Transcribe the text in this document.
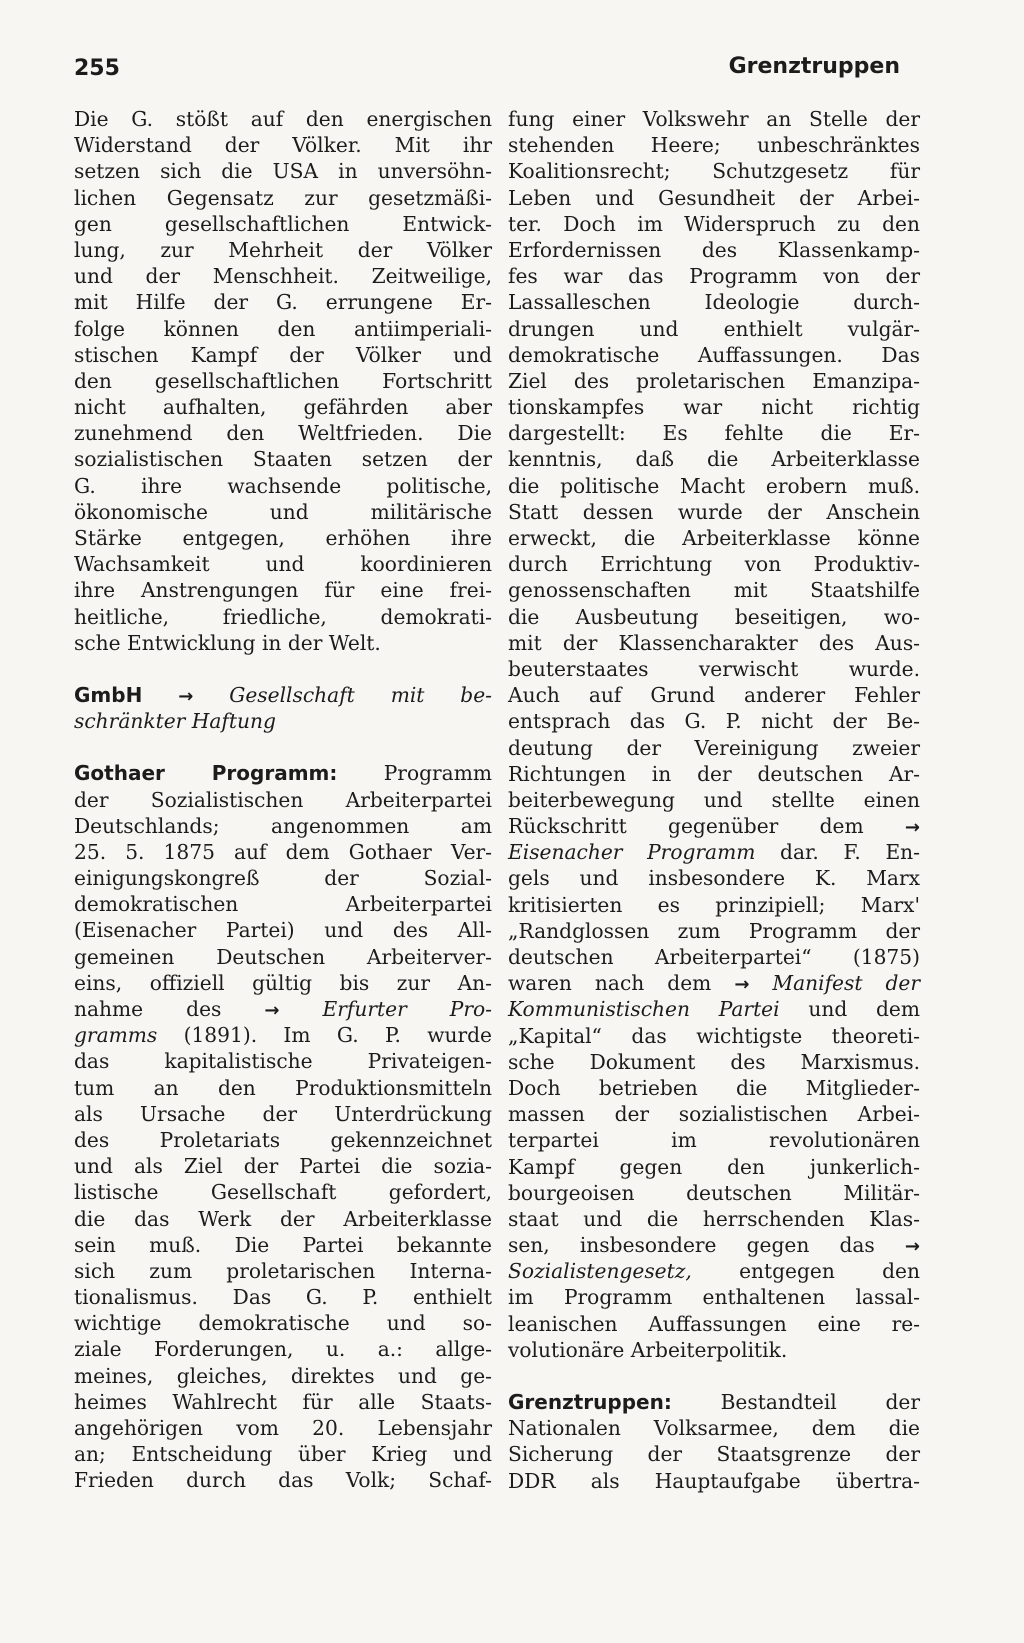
255	Grenztruppen
Die G. stößt auf den energischen
Widerstand der Völker. Mit ihr
setzen sich die USA in unversöhn-
lichen Gegensatz zur gesetzmäßi-
gen gesellschaftlichen Entwick-
lung, zur Mehrheit der Völker
und der Menschheit. Zeitweilige,
mit Hilfe der G. errungene Er-
folge können den antiimperiali-
stischen Kampf der Völker und
den gesellschaftlichen Fortschritt
nicht aufhalten, gefährden aber
zunehmend den Weltfrieden. Die
sozialistischen Staaten setzen der
G. ihre wachsende politische,
ökonomische und militärische
Stärke entgegen, erhöhen ihre
Wachsamkeit und koordinieren
ihre Anstrengungen für eine frei-
heitliche, friedliche, demokrati-
sche Entwicklung in der Welt.
GmbH → Gesellschaft mit be-
schränkter Haftung
Gothaer Programm: Programm
der Sozialistischen Arbeiterpartei
Deutschlands; angenommen am
25. 5. 1875 auf dem Gothaer Ver-
einigungskongreß der Sozial-
demokratischen Arbeiterpartei
(Eisenacher Partei) und des All-
gemeinen Deutschen Arbeiterver-
eins, offiziell gültig bis zur An-
nahme des → Erfurter Pro-
gramms (1891). Im G. P. wurde
das kapitalistische Privateigen-
tum an den Produktionsmitteln
als Ursache der Unterdrückung
des Proletariats gekennzeichnet
und als Ziel der Partei die sozia-
listische Gesellschaft gefordert,
die das Werk der Arbeiterklasse
sein muß. Die Partei bekannte
sich zum proletarischen Interna-
tionalismus. Das G. P. enthielt
wichtige demokratische und so-
ziale Forderungen, u. a.: allge-
meines, gleiches, direktes und ge-
heimes Wahlrecht für alle Staats-
angehörigen vom 20. Lebensjahr
an; Entscheidung über Krieg und
Frieden durch das Volk; Schaf-
fung einer Volkswehr an Stelle der
stehenden Heere; unbeschränktes
Koalitionsrecht; Schutzgesetz für
Leben und Gesundheit der Arbei-
ter. Doch im Widerspruch zu den
Erfordernissen des Klassenkamp-
fes war das Programm von der
Lassalleschen Ideologie durch-
drungen und enthielt vulgär-
demokratische Auffassungen. Das
Ziel des proletarischen Emanzipa-
tionskampfes war nicht richtig
dargestellt: Es fehlte die Er-
kenntnis, daß die Arbeiterklasse
die politische Macht erobern muß.
Statt dessen wurde der Anschein
erweckt, die Arbeiterklasse könne
durch Errichtung von Produktiv-
genossenschaften mit Staatshilfe
die Ausbeutung beseitigen, wo-
mit der Klassencharakter des Aus-
beuterstaates verwischt wurde.
Auch auf Grund anderer Fehler
entsprach das G. P. nicht der Be-
deutung der Vereinigung zweier
Richtungen in der deutschen Ar-
beiterbewegung und stellte einen
Rückschritt gegenüber dem →
Eisenacher Programm dar. F. En-
gels und insbesondere K. Marx
kritisierten es prinzipiell; Marx'
„Randglossen zum Programm der
deutschen Arbeiterpartei“ (1875)
waren nach dem → Manifest der
Kommunistischen Partei und dem
„Kapital“ das wichtigste theoreti-
sche Dokument des Marxismus.
Doch betrieben die Mitglieder-
massen der sozialistischen Arbei-
terpartei im revolutionären
Kampf gegen den junkerlich-
bourgeoisen deutschen Militär-
staat und die herrschenden Klas-
sen, insbesondere gegen das →
Sozialistengesetz, entgegen den
im Programm enthaltenen lassal-
leanischen Auffassungen eine re-
volutionäre Arbeiterpolitik.
Grenztruppen: Bestandteil der
Nationalen Volksarmee, dem die
Sicherung der Staatsgrenze der
DDR als Hauptaufgabe übertra-
